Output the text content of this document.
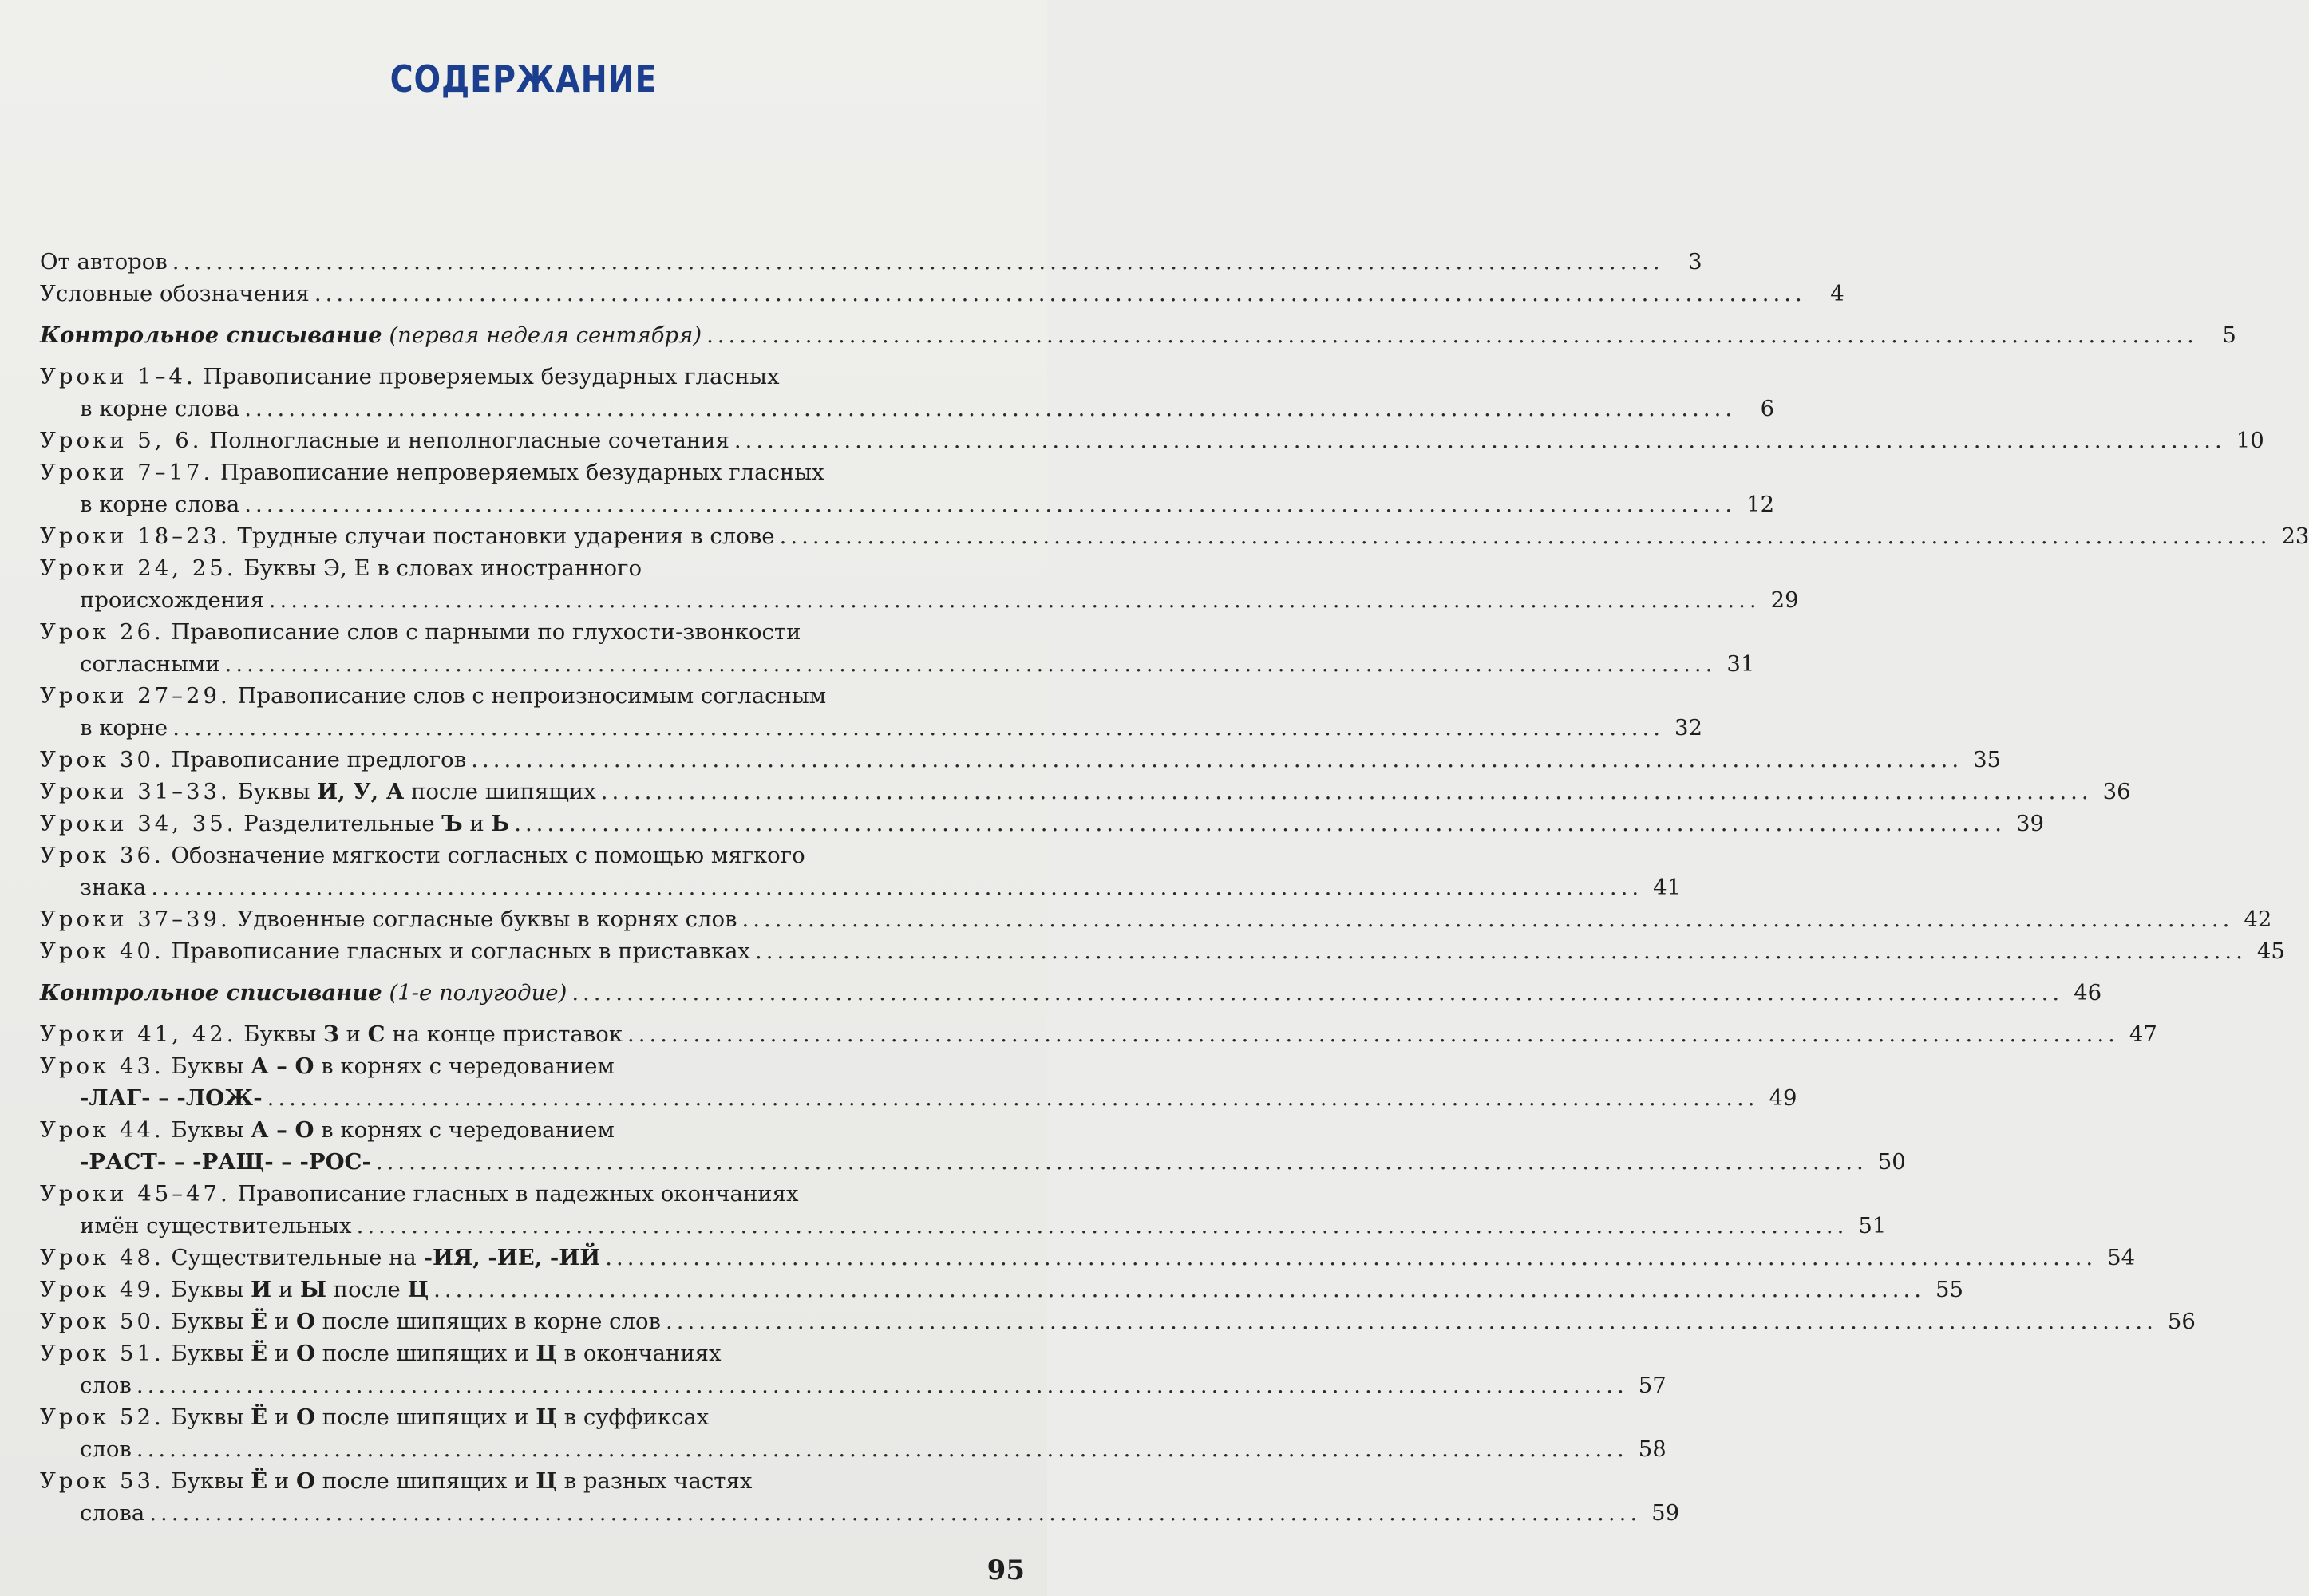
СОДЕРЖАНИЕ
От авторов ........................................................................................................................................	3
Условные обозначения ........................................................................................................................................	4
Контрольное списывание (первая неделя сентября) ........................................................................................................................................	5
Уроки 1–4. Правописание проверяемых безударных гласных
в корне слова ........................................................................................................................................	6
Уроки 5, 6. Полногласные и неполногласные сочетания ........................................................................................................................................ 10
Уроки 7–17. Правописание непроверяемых безударных гласных
в корне слова ........................................................................................................................................ 12
Уроки 18–23. Трудные случаи постановки ударения в слове ........................................................................................................................................ 23
Уроки 24, 25. Буквы Э, Е в словах иностранного
происхождения ........................................................................................................................................ 29
Урок 26. Правописание слов с парными по глухости-звонкости
согласными ........................................................................................................................................ 31
Уроки 27–29. Правописание слов с непроизносимым согласным
в корне ........................................................................................................................................ 32
Урок 30. Правописание предлогов ........................................................................................................................................ 35
Уроки 31–33. Буквы И, У, А после шипящих ........................................................................................................................................ 36
Уроки 34, 35. Разделительные Ъ и Ь ........................................................................................................................................ 39
Урок 36. Обозначение мягкости согласных с помощью мягкого
знака ........................................................................................................................................ 41
Уроки 37–39. Удвоенные согласные буквы в корнях слов ........................................................................................................................................ 42
Урок 40. Правописание гласных и согласных в приставках ........................................................................................................................................ 45
Контрольное списывание (1-е полугодие) ........................................................................................................................................ 46
Уроки 41, 42. Буквы З и С на конце приставок ........................................................................................................................................ 47
Урок 43. Буквы А – О в корнях с чередованием
-ЛАГ- – -ЛОЖ- ........................................................................................................................................ 49
Урок 44. Буквы А – О в корнях с чередованием
-РАСТ- – -РАЩ- – -РОС- ........................................................................................................................................ 50
Уроки 45–47. Правописание гласных в падежных окончаниях
имён существительных ........................................................................................................................................ 51
Урок 48. Существительные на -ИЯ, -ИЕ, -ИЙ ........................................................................................................................................ 54
Урок 49. Буквы И и Ы после Ц ........................................................................................................................................ 55
Урок 50. Буквы Ё и О после шипящих в корне слов ........................................................................................................................................ 56
Урок 51. Буквы Ё и О после шипящих и Ц в окончаниях
слов ........................................................................................................................................ 57
Урок 52. Буквы Ё и О после шипящих и Ц в суффиксах
слов ........................................................................................................................................ 58
Урок 53. Буквы Ё и О после шипящих и Ц в разных частях
слова ........................................................................................................................................ 59
95
